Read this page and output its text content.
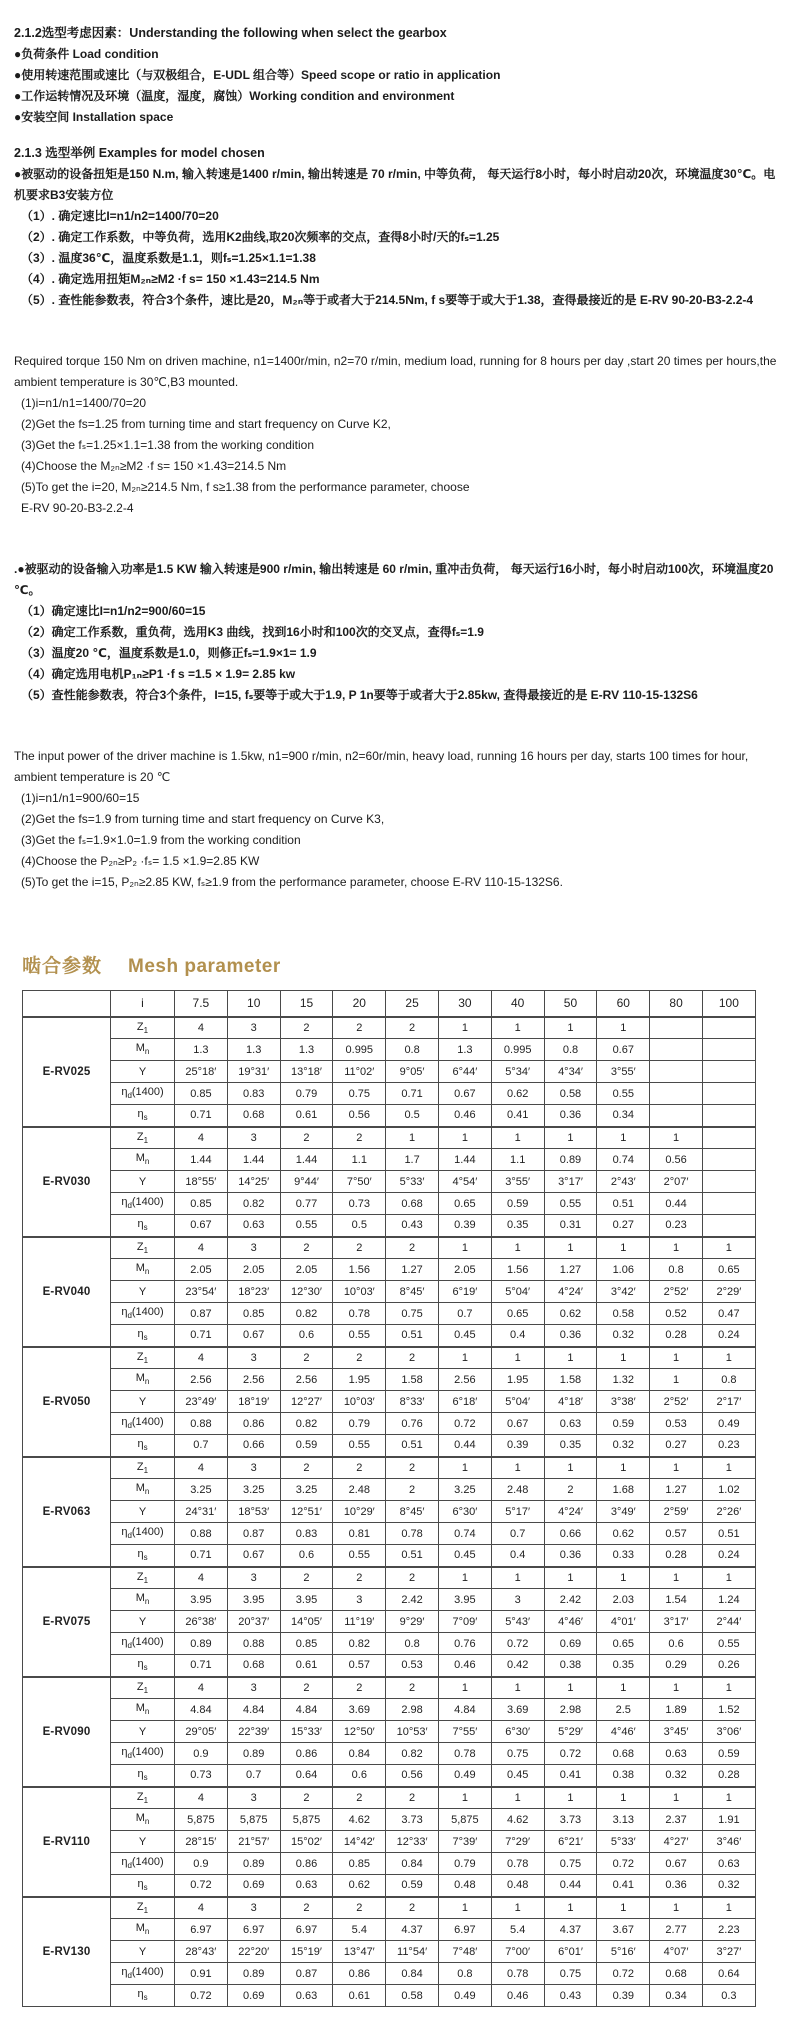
2.1.2选型考虑因素：Understanding the following when select the gearbox
●负荷条件 Load condition
●使用转速范围或速比（与双极组合，E-UDL 组合等）Speed scope or ratio in application
●工作运转情况及环境（温度，湿度，腐蚀）Working condition and environment
●安装空间 Installation space
2.1.3 选型举例 Examples for model chosen
●被驱动的设备扭矩是150 N.m, 输入转速是1400 r/min, 输出转速是 70 r/min, 中等负荷， 每天运行8小时，每小时启动20次，环境温度30℃。电机要求B3安装方位
（1）. 确定速比I=n1/n2=1400/70=20
（2）. 确定工作系数，中等负荷，选用K2曲线,取20次频率的交点，查得8小时/天的fₛ=1.25
（3）. 温度36℃，温度系数是1.1，则fₛ=1.25×1.1=1.38
（4）. 确定选用扭矩M₂ₙ≥M2 ·f s= 150 ×1.43=214.5 Nm
（5）. 查性能参数表，符合3个条件，速比是20，M₂ₙ等于或者大于214.5Nm, f s要等于或大于1.38，查得最接近的是 E-RV 90-20-B3-2.2-4
Required torque 150 Nm on driven machine, n1=1400r/min, n2=70 r/min, medium load, running for 8 hours per day ,start 20 times per hours,the ambient temperature is 30℃,B3 mounted.
(1)i=n1/n1=1400/70=20
(2)Get the fs=1.25 from turning time and start frequency on Curve K2,
(3)Get the fₛ=1.25×1.1=1.38 from the working condition
(4)Choose the M₂ₙ≥M2 ·f s= 150 ×1.43=214.5 Nm
(5)To get the i=20, M₂ₙ≥214.5 Nm, f s≥1.38 from the performance parameter, choose
E-RV 90-20-B3-2.2-4
.●被驱动的设备输入功率是1.5 KW 输入转速是900 r/min, 输出转速是 60 r/min, 重冲击负荷， 每天运行16小时，每小时启动100次，环境温度20 ℃。
（1）确定速比I=n1/n2=900/60=15
（2）确定工作系数，重负荷，选用K3 曲线，找到16小时和100次的交叉点，查得fₛ=1.9
（3）温度20 ℃，温度系数是1.0，则修正fₛ=1.9×1= 1.9
（4）确定选用电机P₁ₙ≥P1 ·f s =1.5 × 1.9= 2.85 kw
（5）查性能参数表，符合3个条件，I=15, fₛ要等于或大于1.9, P 1n要等于或者大于2.85kw, 查得最接近的是 E-RV 110-15-132S6
The input power of the driver machine is 1.5kw, n1=900 r/min, n2=60r/min, heavy load, running 16 hours per day, starts 100 times for hour, ambient temperature is 20 ℃
(1)i=n1/n1=900/60=15
(2)Get the fs=1.9 from turning time and start frequency on Curve K3,
(3)Get the fₛ=1.9×1.0=1.9 from the working condition
(4)Choose the P₂ₙ≥P₂ ·fₛ= 1.5 ×1.9=2.85 KW
(5)To get the i=15, P₂ₙ≥2.85 KW, fₛ≥1.9 from the performance parameter, choose E-RV 110-15-132S6.
啮合参数 Mesh parameter
	i	7.5	10	15	20	25	30	40	50	60	80	100
E-RV025	$Z_1$	4	3	2	2	2	1	1	1	1		
	$M_n$	1.3	1.3	1.3	0.995	0.8	1.3	0.995	0.8	0.67		
	Y	25°18′	19°31′	13°18′	11°02′	9°05′	6°44′	5°34′	4°34′	3°55′		
	$\eta_d(1400)$	0.85	0.83	0.79	0.75	0.71	0.67	0.62	0.58	0.55		
	$\eta_s$	0.71	0.68	0.61	0.56	0.5	0.46	0.41	0.36	0.34		
E-RV030	$Z_1$	4	3	2	2	1	1	1	1	1	1	
	$M_n$	1.44	1.44	1.44	1.1	1.7	1.44	1.1	0.89	0.74	0.56	
	Y	18°55′	14°25′	9°44′	7°50′	5°33′	4°54′	3°55′	3°17′	2°43′	2°07′	
	$\eta_d(1400)$	0.85	0.82	0.77	0.73	0.68	0.65	0.59	0.55	0.51	0.44	
	$\eta_s$	0.67	0.63	0.55	0.5	0.43	0.39	0.35	0.31	0.27	0.23	
E-RV040	$Z_1$	4	3	2	2	2	1	1	1	1	1	1
	$M_n$	2.05	2.05	2.05	1.56	1.27	2.05	1.56	1.27	1.06	0.8	0.65
	Y	23°54′	18°23′	12°30′	10°03′	8°45′	6°19′	5°04′	4°24′	3°42′	2°52′	2°29′
	$\eta_d(1400)$	0.87	0.85	0.82	0.78	0.75	0.7	0.65	0.62	0.58	0.52	0.47
	$\eta_s$	0.71	0.67	0.6	0.55	0.51	0.45	0.4	0.36	0.32	0.28	0.24
E-RV050	$Z_1$	4	3	2	2	2	1	1	1	1	1	1
	$M_n$	2.56	2.56	2.56	1.95	1.58	2.56	1.95	1.58	1.32	1	0.8
	Y	23°49′	18°19′	12°27′	10°03′	8°33′	6°18′	5°04′	4°18′	3°38′	2°52′	2°17′
	$\eta_d(1400)$	0.88	0.86	0.82	0.79	0.76	0.72	0.67	0.63	0.59	0.53	0.49
	$\eta_s$	0.7	0.66	0.59	0.55	0.51	0.44	0.39	0.35	0.32	0.27	0.23
E-RV063	$Z_1$	4	3	2	2	2	1	1	1	1	1	1
	$M_n$	3.25	3.25	3.25	2.48	2	3.25	2.48	2	1.68	1.27	1.02
	Y	24°31′	18°53′	12°51′	10°29′	8°45′	6°30′	5°17′	4°24′	3°49′	2°59′	2°26′
	$\eta_d(1400)$	0.88	0.87	0.83	0.81	0.78	0.74	0.7	0.66	0.62	0.57	0.51
	$\eta_s$	0.71	0.67	0.6	0.55	0.51	0.45	0.4	0.36	0.33	0.28	0.24
E-RV075	$Z_1$	4	3	2	2	2	1	1	1	1	1	1
	$M_n$	3.95	3.95	3.95	3	2.42	3.95	3	2.42	2.03	1.54	1.24
	Y	26°38′	20°37′	14°05′	11°19′	9°29′	7°09′	5°43′	4°46′	4°01′	3°17′	2°44′
	$\eta_d(1400)$	0.89	0.88	0.85	0.82	0.8	0.76	0.72	0.69	0.65	0.6	0.55
	$\eta_s$	0.71	0.68	0.61	0.57	0.53	0.46	0.42	0.38	0.35	0.29	0.26
E-RV090	$Z_1$	4	3	2	2	2	1	1	1	1	1	1
	$M_n$	4.84	4.84	4.84	3.69	2.98	4.84	3.69	2.98	2.5	1.89	1.52
	Y	29°05′	22°39′	15°33′	12°50′	10°53′	7°55′	6°30′	5°29′	4°46′	3°45′	3°06′
	$\eta_d(1400)$	0.9	0.89	0.86	0.84	0.82	0.78	0.75	0.72	0.68	0.63	0.59
	$\eta_s$	0.73	0.7	0.64	0.6	0.56	0.49	0.45	0.41	0.38	0.32	0.28
E-RV110	$Z_1$	4	3	2	2	2	1	1	1	1	1	1
	$M_n$	5,875	5,875	5,875	4.62	3.73	5,875	4.62	3.73	3.13	2.37	1.91
	Y	28°15′	21°57′	15°02′	14°42′	12°33′	7°39′	7°29′	6°21′	5°33′	4°27′	3°46′
	$\eta_d(1400)$	0.9	0.89	0.86	0.85	0.84	0.79	0.78	0.75	0.72	0.67	0.63
	$\eta_s$	0.72	0.69	0.63	0.62	0.59	0.48	0.48	0.44	0.41	0.36	0.32
E-RV130	$Z_1$	4	3	2	2	2	1	1	1	1	1	1
	$M_n$	6.97	6.97	6.97	5.4	4.37	6.97	5.4	4.37	3.67	2.77	2.23
	Y	28°43′	22°20′	15°19′	13°47′	11°54′	7°48′	7°00′	6°01′	5°16′	4°07′	3°27′
	$\eta_d(1400)$	0.91	0.89	0.87	0.86	0.84	0.8	0.78	0.75	0.72	0.68	0.64
	$\eta_s$	0.72	0.69	0.63	0.61	0.58	0.49	0.46	0.43	0.39	0.34	0.3
